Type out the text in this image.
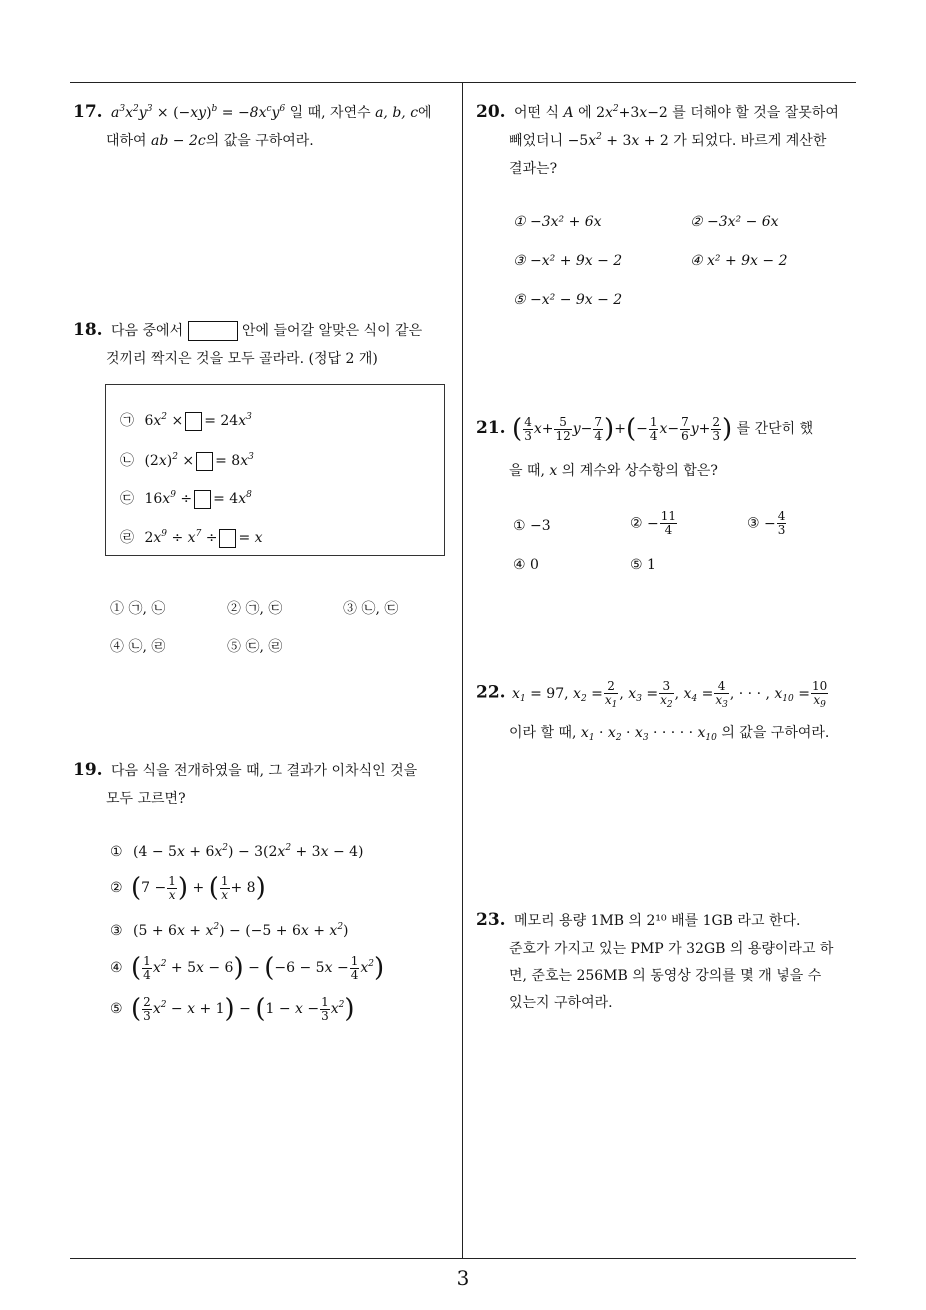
3
17. $a^3x^2y^3 \times (-xy)^b = -8x^cy^6$ 일 때, 자연수 a, b, c에
대하여 ab − 2c의 값을 구하여라.
18. 다음 중에서	안에 들어갈 알맞은 식이 같은
것끼리 짝지은 것을 모두 골라라. (정답 2 개)
㉠ $6x^2$ × = $24x^3$
㉡ $(2x)^2$ × = $8x^3$
㉢ $16x^9$ ÷ = $4x^8$
㉣ $2x^9 \div x^7$ ÷ = x
① ㉠, ㉡	② ㉠, ㉢	③ ㉡, ㉢
④ ㉡, ㉣	⑤ ㉢, ㉣
19. 다음 식을 전개하였을 때, 그 결과가 이차식인 것을
모두 고르면?
① $(4 - 5x + 6x^2) - 3(2x^2 + 3x - 4)$
② ($7 - \frac{1}{x}$ ) + ( $\frac{1}{x} + 8$)
③ $(5 + 6x + x^2) - (-5 + 6x + x^2)$
④ ( $\frac{1}{4} x^2 + 5x - 6) - (-6 - 5x - \frac{1}{4} x^2)$
⑤ ( $\frac{2}{3} x^2 - x + 1) - (1 - x - \frac{1}{3} x^2)$
20. 어떤 식 A 에 $2x^2+3x-2$ 를 더해야 할 것을 잘못하여
빼었더니 $-5x^2 + 3x + 2$ 가 되었다. 바르게 계산한
결과는?
① −3x² + 6x	② −3x² − 6x
③ −x² + 9x − 2	④ x² + 9x − 2
⑤ −x² − 9x − 2
21. ( $\frac{4}{3} x+ \frac{5}{12} y- \frac{7}{4}$ )+(− $\frac{1}{4} x- \frac{7}{6} y+ \frac{2}{3}$ ) 를 간단히 했
을 때, x 의 계수와 상수항의 합은?
① −3	② − $\frac{11}{4}$	③ − $\frac{4}{3}$
④ 0	⑤ 1
22. $x_1 = 97$, $x_2 = \frac{2}{x_1}$ , $x_3 = \frac{3}{x_2}$ , $x_4 = \frac{4}{x_3}$ , · · · , $x_{10} = \frac{10}{x_9}$
이라 할 때, $x_1 \cdot x_2 \cdot x_3$ · · · · · $x_{10}$ 의 값을 구하여라.
23. 메모리 용량 1MB 의 2¹⁰ 배를 1GB 라고 한다.
준호가 가지고 있는 PMP 가 32GB 의 용량이라고 하
면, 준호는 256MB 의 동영상 강의를 몇 개 넣을 수
있는지 구하여라.
